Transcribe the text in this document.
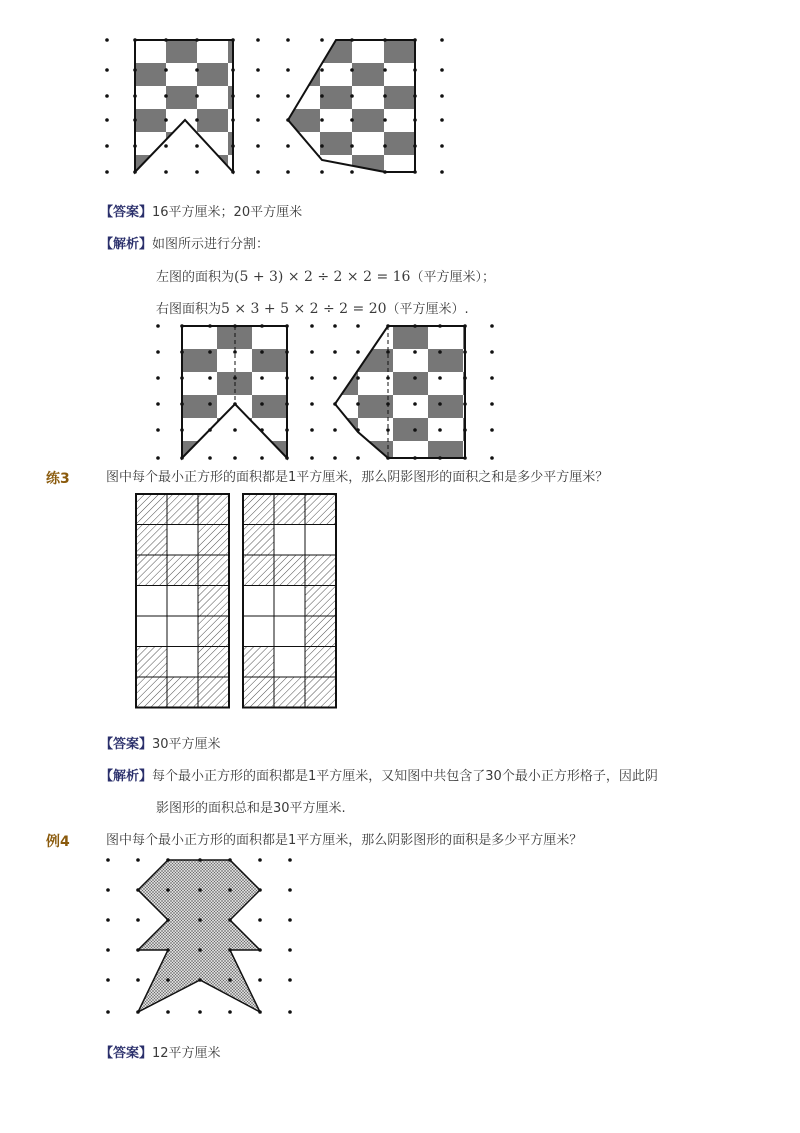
【答案】16平方厘米；20平方厘米
【解析】如图所示进行分割：
左图的面积为(5 + 3) × 2 ÷ 2 × 2 = 16（平方厘米）；
右图面积为5 × 3 + 5 × 2 ÷ 2 = 20（平方厘米）.
练3	图中每个最小正方形的面积都是1平方厘米，那么阴影图形的面积之和是多少平方厘米？
【答案】30平方厘米
【解析】每个最小正方形的面积都是1平方厘米，又知图中共包含了30个最小正方形格子，因此阴
影图形的面积总和是30平方厘米.
例4	图中每个最小正方形的面积都是1平方厘米，那么阴影图形的面积是多少平方厘米？
【答案】12平方厘米
